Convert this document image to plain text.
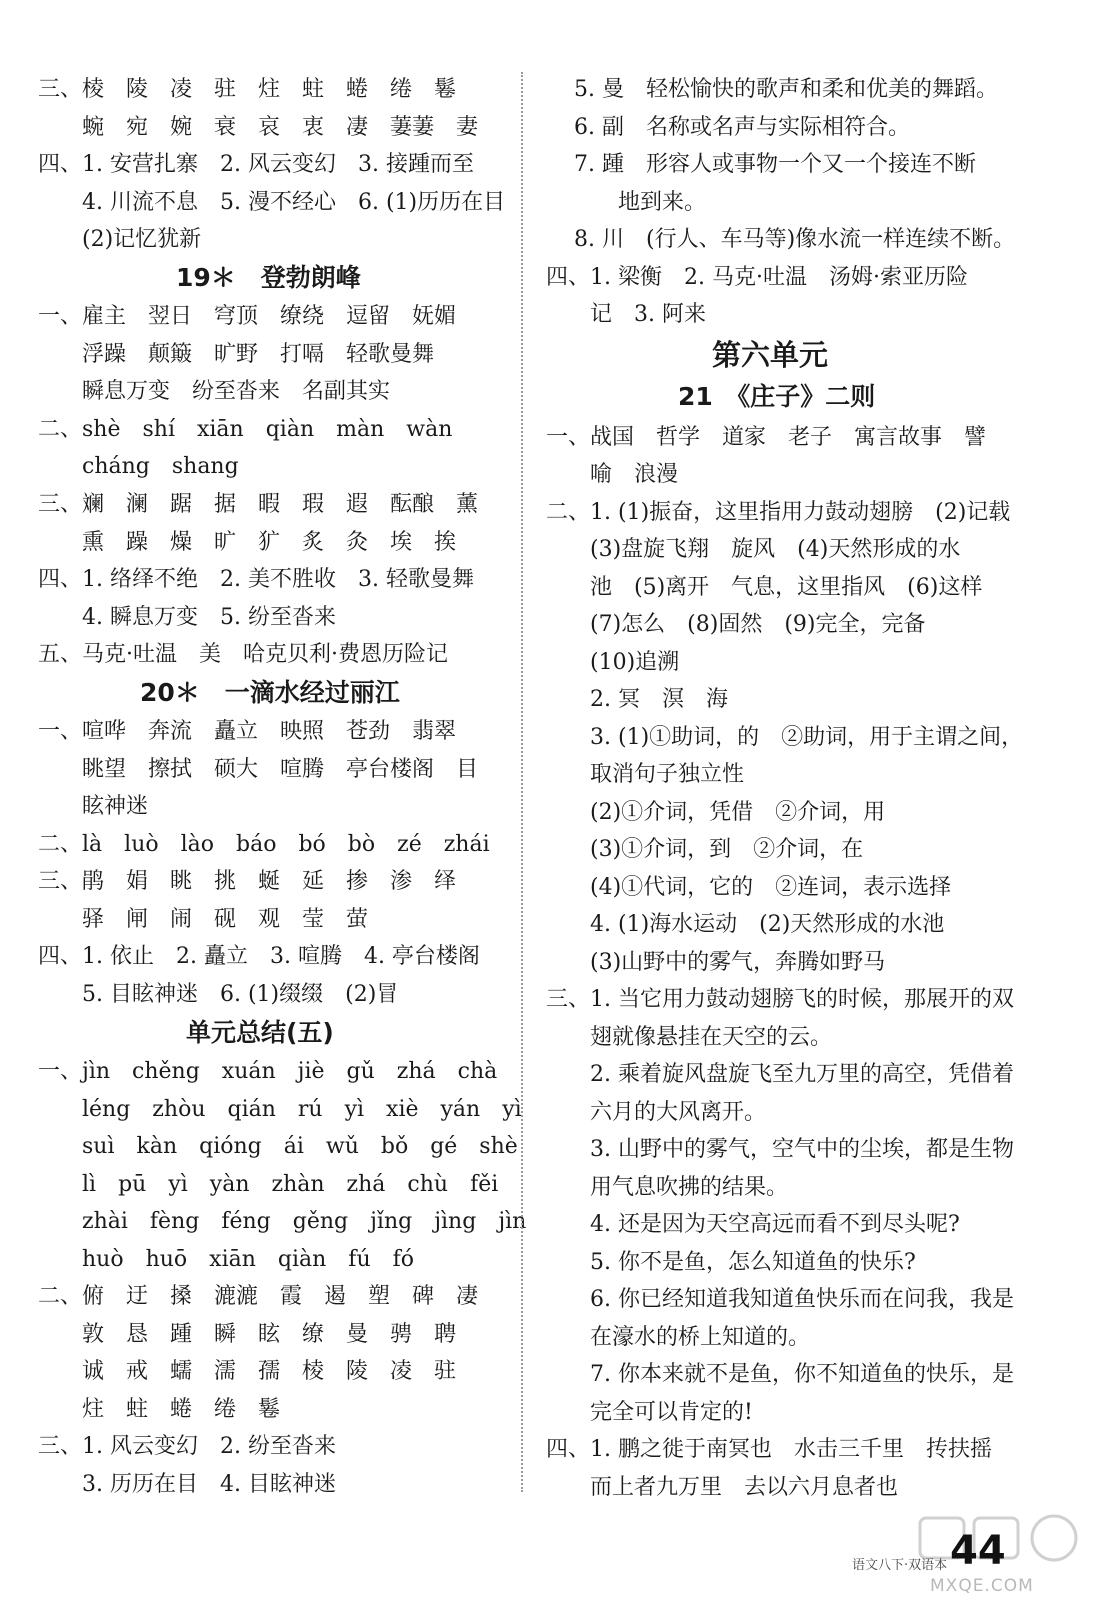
三、棱　陵　凌　驻　炷　蛀　蜷　绻　鬈
　　蜿　宛　婉　衰　哀　衷　凄　萋萋　妻
四、1. 安营扎寨　2. 风云变幻　3. 接踵而至
　　4. 川流不息　5. 漫不经心　6. (1)历历在目
　　(2)记忆犹新
19＊　登勃朗峰
一、雇主　翌日　穹顶　缭绕　逗留　妩媚
　　浮躁　颠簸　旷野　打嗝　轻歌曼舞
　　瞬息万变　纷至沓来　名副其实
二、shè　shí　xiān　qiàn　màn　wàn
　　cháng　shang
三、斓　澜　踞　据　暇　瑕　遐　酝酿　薰
　　熏　躁　燥　旷　犷　炙　灸　埃　挨
四、1. 络绎不绝　2. 美不胜收　3. 轻歌曼舞
　　4. 瞬息万变　5. 纷至沓来
五、马克·吐温　美　哈克贝利·费恩历险记
20＊　一滴水经过丽江
一、喧哗　奔流　矗立　映照　苍劲　翡翠
　　眺望　擦拭　硕大　喧腾　亭台楼阁　目
　　眩神迷
二、là　luò　lào　báo　bó　bò　zé　zhái
三、鹃　娟　眺　挑　蜒　延　掺　渗　绎
　　驿　闸　闹　砚　观　莹　萤
四、1. 依止　2. 矗立　3. 喧腾　4. 亭台楼阁
　　5. 目眩神迷　6. (1)缀缀　(2)冒
单元总结(五)
一、jìn　chěng　xuán　jiè　gǔ　zhá　chà
　　léng　zhòu　qián　rú　yì　xiè　yán　yì
　　suì　kàn　qióng　ái　wǔ　bǒ　gé　shè
　　lì　pū　yì　yàn　zhàn　zhá　chù　fěi
　　zhài　fèng　féng　gěng　jǐng　jìng　jìn
　　huò　huō　xiān　qiàn　fú　fó
二、俯　迂　搡　漉漉　霞　遏　塑　碑　凄
　　敦　恳　踵　瞬　眩　缭　曼　骋　聘
　　诚　戒　蠕　濡　孺　棱　陵　凌　驻
　　炷　蛀　蜷　绻　鬈
三、1. 风云变幻　2. 纷至沓来
　　3. 历历在目　4. 目眩神迷
5. 曼　轻松愉快的歌声和柔和优美的舞蹈。
6. 副　名称或名声与实际相符合。
7. 踵　形容人或事物一个又一个接连不断
　　地到来。
8. 川　(行人、车马等)像水流一样连续不断。
四、1. 梁衡　2. 马克·吐温　汤姆·索亚历险
　　记　3. 阿来
第六单元
21　《庄子》二则
一、战国　哲学　道家　老子　寓言故事　譬
　　喻　浪漫
二、1. (1)振奋，这里指用力鼓动翅膀　(2)记载
　　(3)盘旋飞翔　旋风　(4)天然形成的水
　　池　(5)离开　气息，这里指风　(6)这样
　　(7)怎么　(8)固然　(9)完全，完备
　　(10)追溯
　　2. 冥　溟　海
　　3. (1)①助词，的　②助词，用于主谓之间，
　　取消句子独立性
　　(2)①介词，凭借　②介词，用
　　(3)①介词，到　②介词，在
　　(4)①代词，它的　②连词，表示选择
　　4. (1)海水运动　(2)天然形成的水池
　　(3)山野中的雾气，奔腾如野马
三、1. 当它用力鼓动翅膀飞的时候，那展开的双
　　翅就像悬挂在天空的云。
　　2. 乘着旋风盘旋飞至九万里的高空，凭借着
　　六月的大风离开。
　　3. 山野中的雾气，空气中的尘埃，都是生物
　　用气息吹拂的结果。
　　4. 还是因为天空高远而看不到尽头呢?
　　5. 你不是鱼，怎么知道鱼的快乐?
　　6. 你已经知道我知道鱼快乐而在问我，我是
　　在濠水的桥上知道的。
　　7. 你本来就不是鱼，你不知道鱼的快乐，是
　　完全可以肯定的!
四、1. 鹏之徙于南冥也　水击三千里　抟扶摇
　　而上者九万里　去以六月息者也
语文八下·双语本 44
MXQE.COM
